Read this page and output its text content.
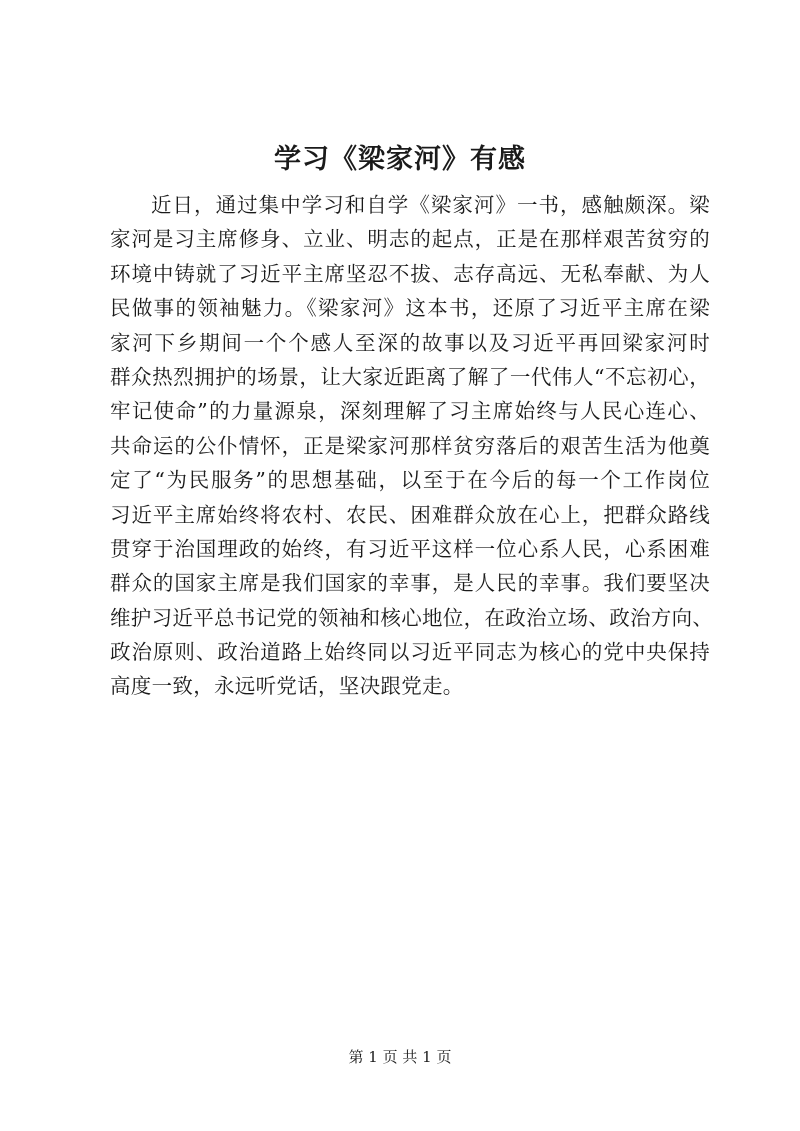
学习《梁家河》有感
近日，通过集中学习和自学《梁家河》一书，感触颇深。梁
家河是习主席修身、立业、明志的起点，正是在那样艰苦贫穷的
环境中铸就了习近平主席坚忍不拔、志存高远、无私奉献、为人
民做事的领袖魅力。《梁家河》这本书，还原了习近平主席在梁
家河下乡期间一个个感人至深的故事以及习近平再回梁家河时
群众热烈拥护的场景，让大家近距离了解了一代伟人“不忘初心，
牢记使命”的力量源泉，深刻理解了习主席始终与人民心连心、
共命运的公仆情怀，正是梁家河那样贫穷落后的艰苦生活为他奠
定了“为民服务”的思想基础，以至于在今后的每一个工作岗位
习近平主席始终将农村、农民、困难群众放在心上，把群众路线
贯穿于治国理政的始终，有习近平这样一位心系人民，心系困难
群众的国家主席是我们国家的幸事，是人民的幸事。我们要坚决
维护习近平总书记党的领袖和核心地位，在政治立场、政治方向、
政治原则、政治道路上始终同以习近平同志为核心的党中央保持
高度一致，永远听党话，坚决跟党走。
第 1 页 共 1 页
